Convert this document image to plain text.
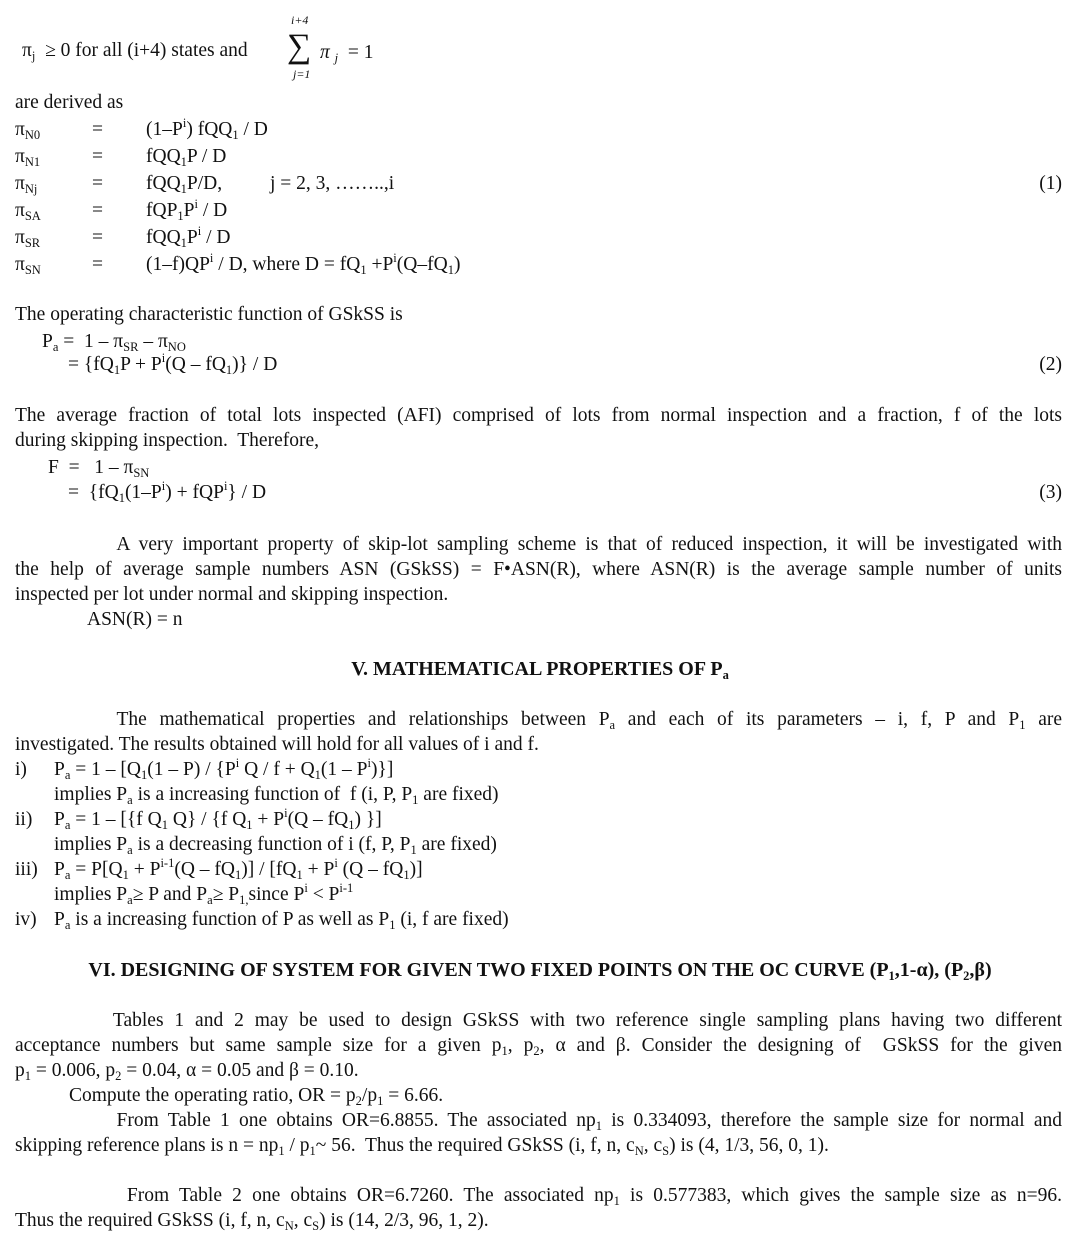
$\pi_j \ge 0$ for all (i+4) states and
i+4
∑
j=1
π $_j$ = 1
are derived as
$\pi_{N0}$	= $(1-P^i)$ fQQ$_1$ / D
$\pi_{N1}$	= fQQ$_1$P / D
$\pi_{Nj}$	= fQQ$_1$P/D, j = 2, 3, ……..,i	(1)
$\pi_{SA}$	= $fQP_1P^i$ / D
$\pi_{SR}$	= $fQQ_1P^i$ / D
$\pi_{SN}$	= $(1-f)QP^i$ / D, where $D = fQ_1 +P^i(Q-fQ_1)$
The operating characteristic function of GSkSS is
$P_a = 1 - \pi_{SR} - \pi_{NO}$
= $\{fQ_1P + P^i(Q - fQ_1)\} / D$	(2)
The average fraction of total lots inspected (AFI) comprised of lots from normal inspection and a fraction, f of the lots
during skipping inspection.  Therefore,
$F = 1 - \pi_{SN}$
=  $\{fQ_1(1-P^i) + fQP^i\} / D$	(3)
A very important property of skip-lot sampling scheme is that of reduced inspection, it will be investigated with
the help of average sample numbers ASN (GSkSS) = F•ASN(R), where ASN(R) is the average sample number of units
inspected per lot under normal and skipping inspection.
ASN(R) = n
V. MATHEMATICAL PROPERTIES OF $P_a$
The mathematical properties and relationships between $P_a$ and each of its parameters – i, f, P and $P_1$ are
investigated. The results obtained will hold for all values of i and f.
i) $P_a = 1 - [Q_1(1 - P) / \{P^i$ $Q / f + Q_1(1 - P^i)$}]
implies $P_a$ is a increasing function of  f (i, P, $P_1$ are fixed)
ii) $P_a = 1 - [\{f$ $Q_1$ Q} / {f $Q_1 + P^i(Q - fQ_1)$ }]
implies $P_a$ is a decreasing function of i (f, P, $P_1$ are fixed)
iii) $P_a = P[Q_1 + P^{i-1}(Q - fQ_1)] / [fQ_1 + P^i$ $(Q - fQ_1)$]
implies $P_a\ge P$ and $P_a\ge$ $P_{1,}since$ $P^i < P^{i-1}$
iv) $P_a$ is a increasing function of P as well as $P_1$ (i, f are fixed)
VI. DESIGNING OF SYSTEM FOR GIVEN TWO FIXED POINTS ON THE OC CURVE $(P_1,1-\alpha)$, $(P_2,\beta)$
Tables 1 and 2 may be used to design GSkSS with two reference single sampling plans having two different
acceptance numbers but same sample size for a given $p_1$, $p_2$, α and β. Consider the designing of  GSkSS for the given
$p_1 = 0.006$, $p_2 = 0.04$, α = 0.05 and β = 0.10.
Compute the operating ratio, OR = $p_2/p_1 = 6.66$.
From Table 1 one obtains OR=6.8855. The associated $np_1$ is 0.334093, therefore the sample size for normal and
skipping reference plans is $n = np_1$ / $p_1\sim$ 56.  Thus the required GSkSS (i, f, n, $c_N$, $c_S$) is (4, 1/3, 56, 0, 1).
From Table 2 one obtains OR=6.7260. The associated $np_1$ is 0.577383, which gives the sample size as n=96.
Thus the required GSkSS (i, f, n, $c_N$, $c_S$) is (14, 2/3, 96, 1, 2).
